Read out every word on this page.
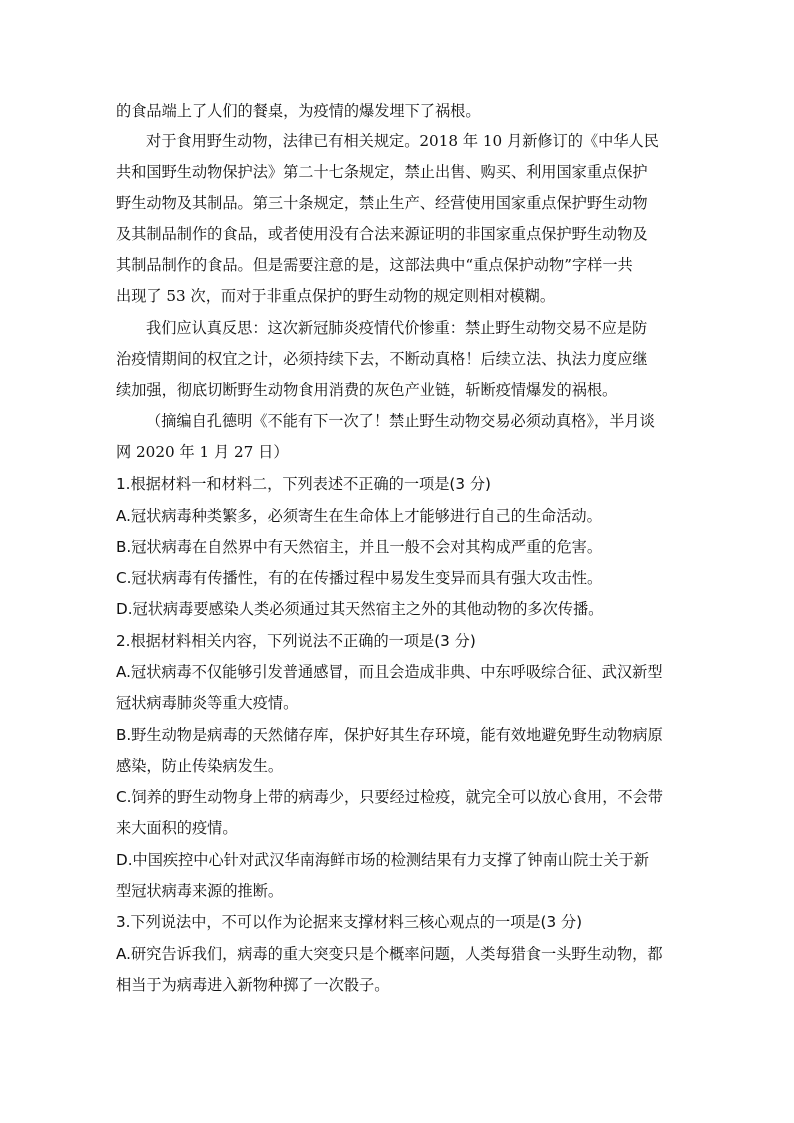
的食品端上了人们的餐桌，为疫情的爆发埋下了祸根。
对于食用野生动物，法律已有相关规定。2018 年 10 月新修订的《中华人民
共和国野生动物保护法》第二十七条规定，禁止出售、购买、利用国家重点保护
野生动物及其制品。第三十条规定，禁止生产、经营使用国家重点保护野生动物
及其制品制作的食品，或者使用没有合法来源证明的非国家重点保护野生动物及
其制品制作的食品。但是需要注意的是，这部法典中“重点保护动物”字样一共
出现了 53 次，而对于非重点保护的野生动物的规定则相对模糊。
我们应认真反思：这次新冠肺炎疫情代价惨重：禁止野生动物交易不应是防
治疫情期间的权宜之计，必须持续下去，不断动真格！后续立法、执法力度应继
续加强，彻底切断野生动物食用消费的灰色产业链，斩断疫情爆发的祸根。
（摘编自孔德明《不能有下一次了！禁止野生动物交易必须动真格》，半月谈
网 2020 年 1 月 27 日）
1.根据材料一和材料二，下列表述不正确的一项是(3 分)
A.冠状病毒种类繁多，必须寄生在生命体上才能够进行自己的生命活动。
B.冠状病毒在自然界中有天然宿主，并且一般不会对其构成严重的危害。
C.冠状病毒有传播性，有的在传播过程中易发生变异而具有强大攻击性。
D.冠状病毒要感染人类必须通过其天然宿主之外的其他动物的多次传播。
2.根据材料相关内容，下列说法不正确的一项是(3 分)
A.冠状病毒不仅能够引发普通感冒，而且会造成非典、中东呼吸综合征、武汉新型
冠状病毒肺炎等重大疫情。
B.野生动物是病毒的天然储存库，保护好其生存环境，能有效地避免野生动物病原
感染，防止传染病发生。
C.饲养的野生动物身上带的病毒少，只要经过检疫，就完全可以放心食用，不会带
来大面积的疫情。
D.中国疾控中心针对武汉华南海鲜市场的检测结果有力支撑了钟南山院士关于新
型冠状病毒来源的推断。
3.下列说法中，不可以作为论据来支撑材料三核心观点的一项是(3 分)
A.研究告诉我们，病毒的重大突变只是个概率问题，人类每猎食一头野生动物，都
相当于为病毒进入新物种掷了一次骰子。
